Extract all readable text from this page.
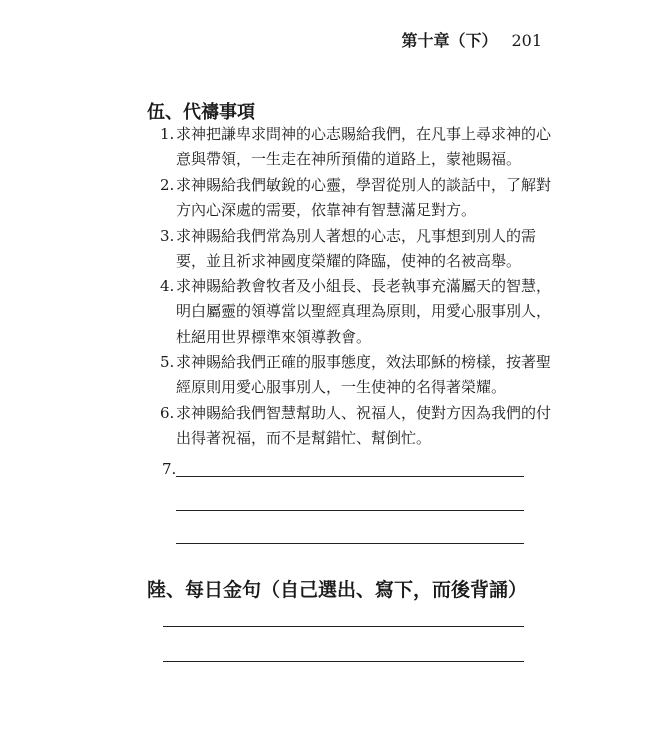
第十章（下） 201
伍、代禱事項
1. 求神把謙卑求問神的心志賜給我們，在凡事上尋求神的心
意與帶領，一生走在神所預備的道路上，蒙祂賜福。
2. 求神賜給我們敏銳的心靈，學習從別人的談話中，了解對
方內心深處的需要，依靠神有智慧滿足對方。
3. 求神賜給我們常為別人著想的心志，凡事想到別人的需
要，並且祈求神國度榮耀的降臨，使神的名被高舉。
4. 求神賜給教會牧者及小組長、長老執事充滿屬天的智慧，
明白屬靈的領導當以聖經真理為原則，用愛心服事別人，
杜絕用世界標準來領導教會。
5. 求神賜給我們正確的服事態度，效法耶穌的榜樣，按著聖
經原則用愛心服事別人，一生使神的名得著榮耀。
6. 求神賜給我們智慧幫助人、祝福人，使對方因為我們的付
出得著祝福，而不是幫錯忙、幫倒忙。
7.
陸、每日金句（自己選出、寫下，而後背誦）
